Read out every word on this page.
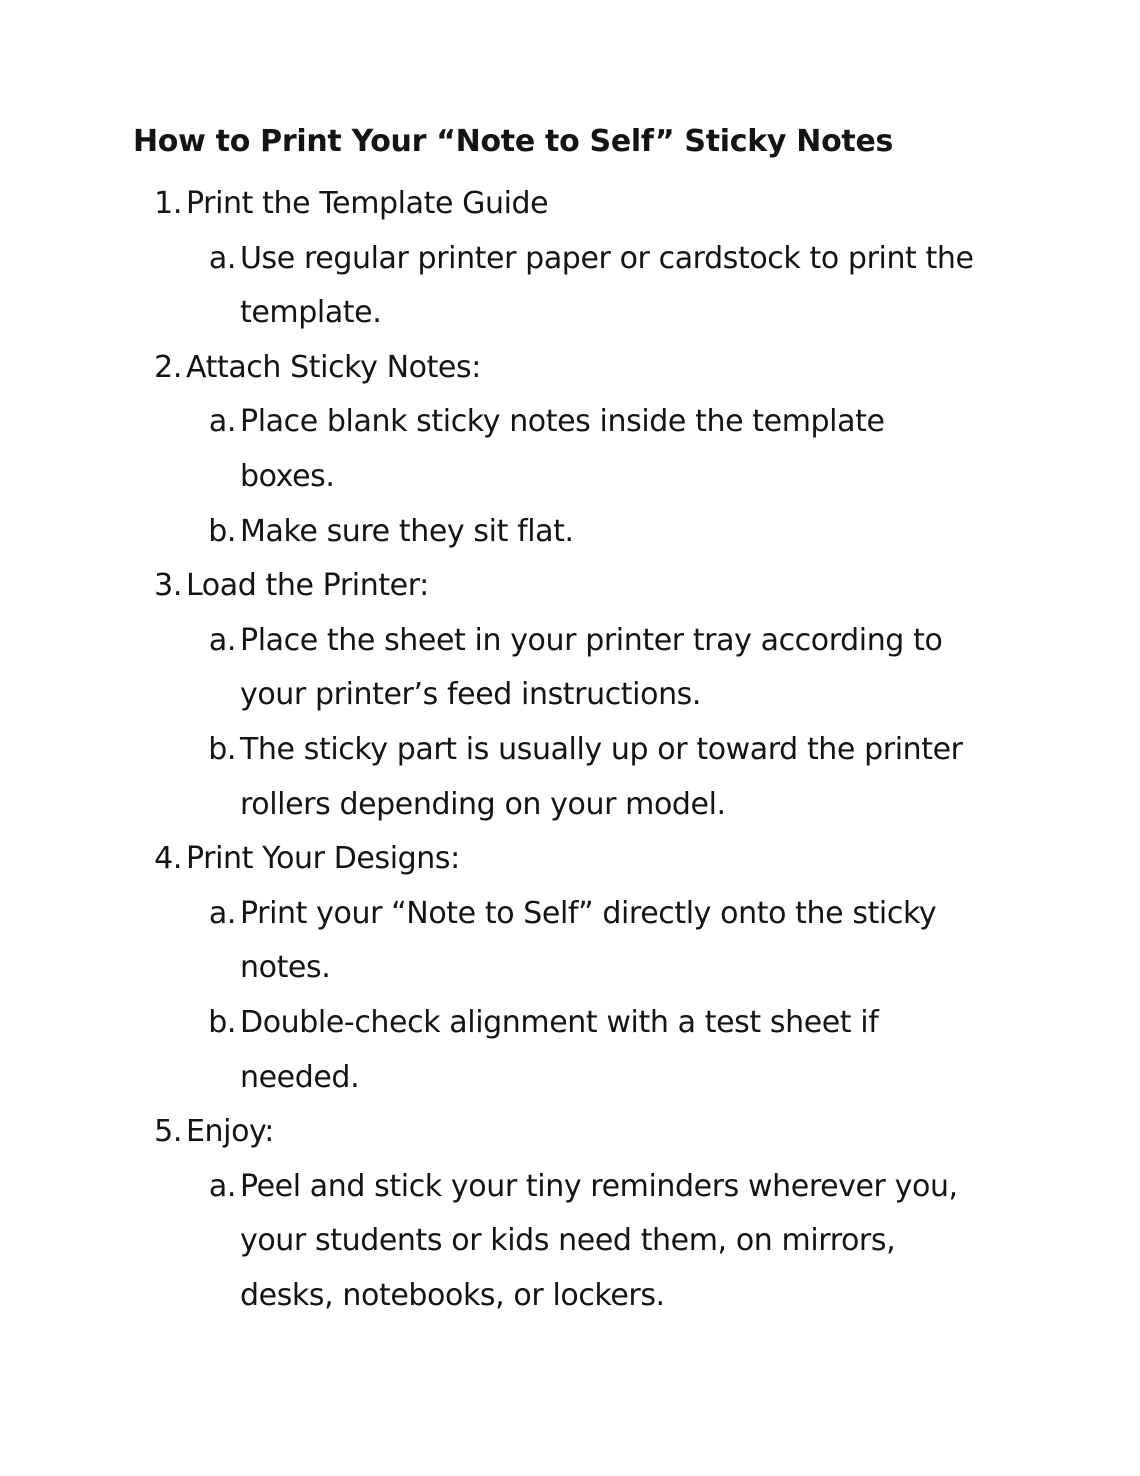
How to Print Your “Note to Self” Sticky Notes
1. Print the Template Guide
a. Use regular printer paper or cardstock to print the
template.
2. Attach Sticky Notes:
a. Place blank sticky notes inside the template
boxes.
b. Make sure they sit flat.
3. Load the Printer:
a. Place the sheet in your printer tray according to
your printer’s feed instructions.
b. The sticky part is usually up or toward the printer
rollers depending on your model.
4. Print Your Designs:
a. Print your “Note to Self” directly onto the sticky
notes.
b. Double-check alignment with a test sheet if
needed.
5. Enjoy:
a. Peel and stick your tiny reminders wherever you,
your students or kids need them, on mirrors,
desks, notebooks, or lockers.
